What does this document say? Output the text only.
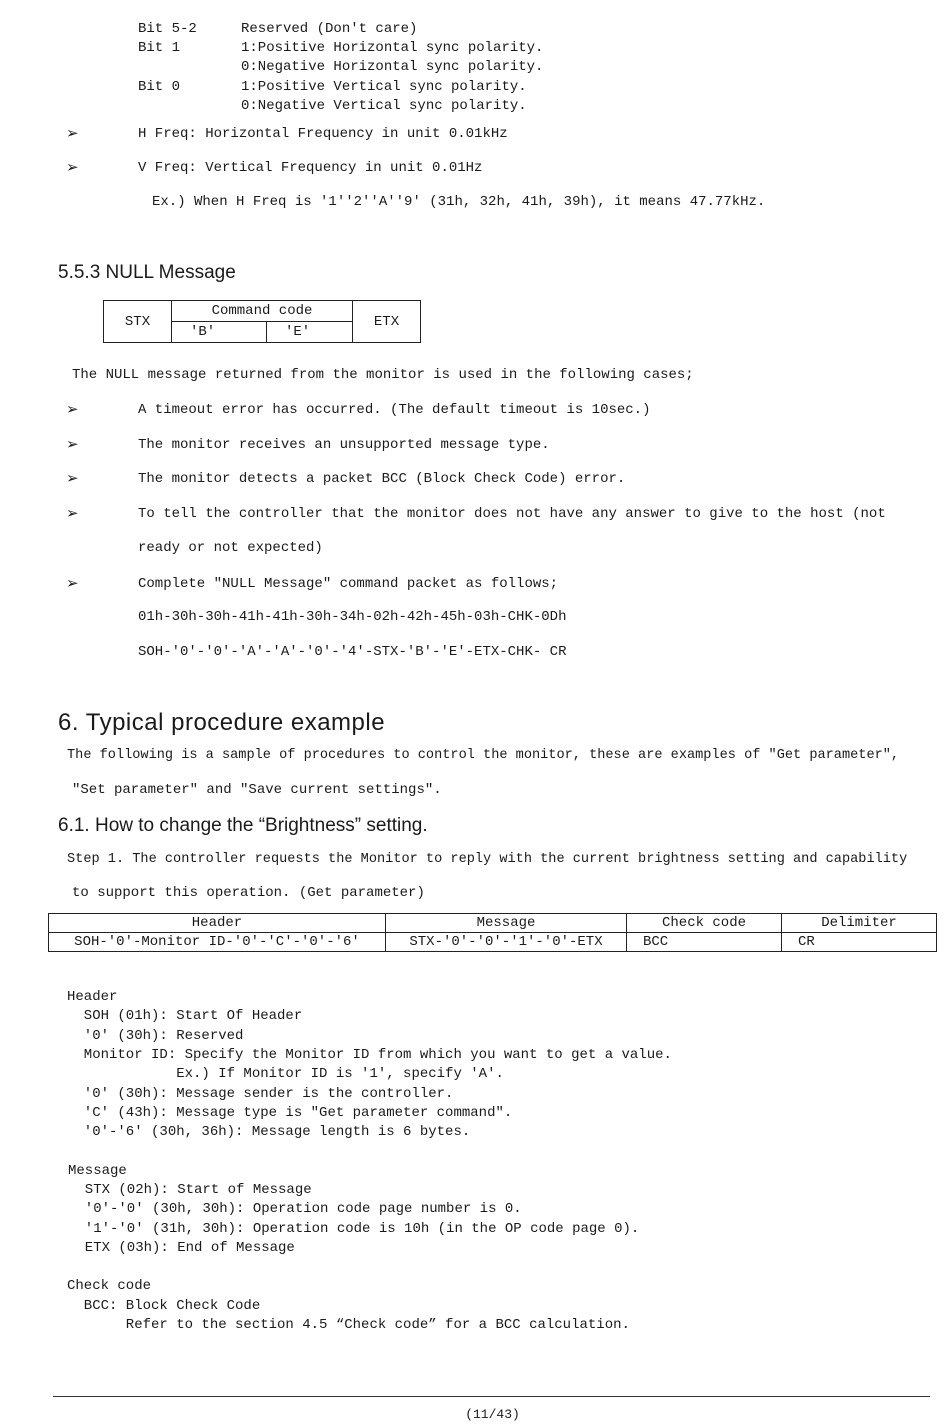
Bit 5-2	Reserved (Don't care)
Bit 1	1:Positive Horizontal sync polarity.
0:Negative Horizontal sync polarity.
Bit 0	1:Positive Vertical sync polarity.
0:Negative Vertical sync polarity.
➢	H Freq: Horizontal Frequency in unit 0.01kHz
➢	V Freq: Vertical Frequency in unit 0.01Hz
Ex.) When H Freq is '1''2''A''9' (31h, 32h, 41h, 39h), it means 47.77kHz.
5.5.3 NULL Message
STX	Command code		ETX
	'B'	'E'	
The NULL message returned from the monitor is used in the following cases;
➢	A timeout error has occurred. (The default timeout is 10sec.)
➢	The monitor receives an unsupported message type.
➢	The monitor detects a packet BCC (Block Check Code) error.
➢	To tell the controller that the monitor does not have any answer to give to the host (not
ready or not expected)
➢	Complete "NULL Message" command packet as follows;
01h-30h-30h-41h-41h-30h-34h-02h-42h-45h-03h-CHK-0Dh
SOH-'0'-'0'-'A'-'A'-'0'-'4'-STX-'B'-'E'-ETX-CHK- CR
6. Typical procedure example
The following is a sample of procedures to control the monitor, these are examples of "Get parameter",
"Set parameter" and "Save current settings".
6.1. How to change the “Brightness” setting.
Step 1. The controller requests the Monitor to reply with the current brightness setting and capability
to support this operation. (Get parameter)
Header	Message	Check code	Delimiter
SOH-'0'-Monitor ID-'0'-'C'-'0'-'6'	STX-'0'-'0'-'1'-'0'-ETX	BCC	CR
Header
SOH (01h): Start Of Header
'0' (30h): Reserved
Monitor ID: Specify the Monitor ID from which you want to get a value.
Ex.) If Monitor ID is '1', specify 'A'.
'0' (30h): Message sender is the controller.
'C' (43h): Message type is "Get parameter command".
'0'-'6' (30h, 36h): Message length is 6 bytes.
Message
STX (02h): Start of Message
'0'-'0' (30h, 30h): Operation code page number is 0.
'1'-'0' (31h, 30h): Operation code is 10h (in the OP code page 0).
ETX (03h): End of Message
Check code
BCC: Block Check Code
Refer to the section 4.5 “Check code” for a BCC calculation.
(11/43)
